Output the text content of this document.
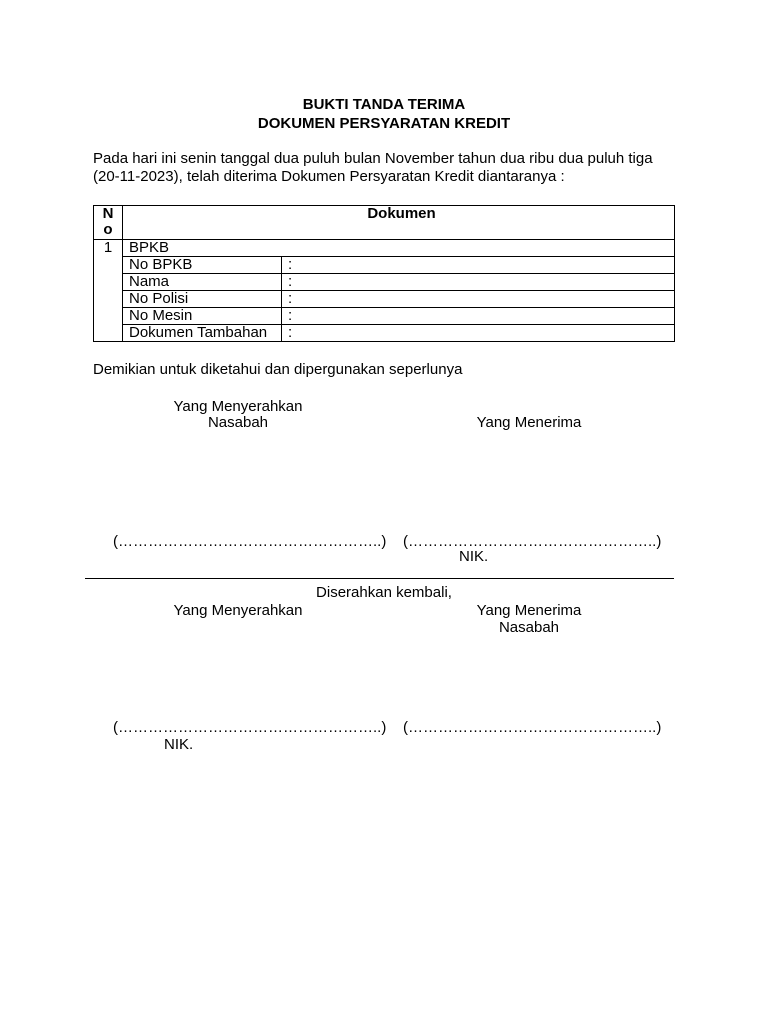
BUKTI TANDA TERIMA
DOKUMEN PERSYARATAN KREDIT
Pada hari ini senin tanggal dua puluh bulan November tahun dua ribu dua puluh tiga
(20-11-2023), telah diterima Dokumen Persyaratan Kredit diantaranya :
N
o	Dokumen	
1	BPKB	
	No BPKB	:
	Nama	:
	No Polisi	:
	No Mesin	:
	Dokumen Tambahan	:
Demikian untuk diketahui dan dipergunakan seperlunya
Yang Menyerahkan
Nasabah	Yang Menerima
(……………………………………………..) (…………………………………………..)
NIK.
Diserahkan kembali,
Yang Menyerahkan	Yang Menerima
Nasabah
(……………………………………………..) (…………………………………………..)
NIK.
